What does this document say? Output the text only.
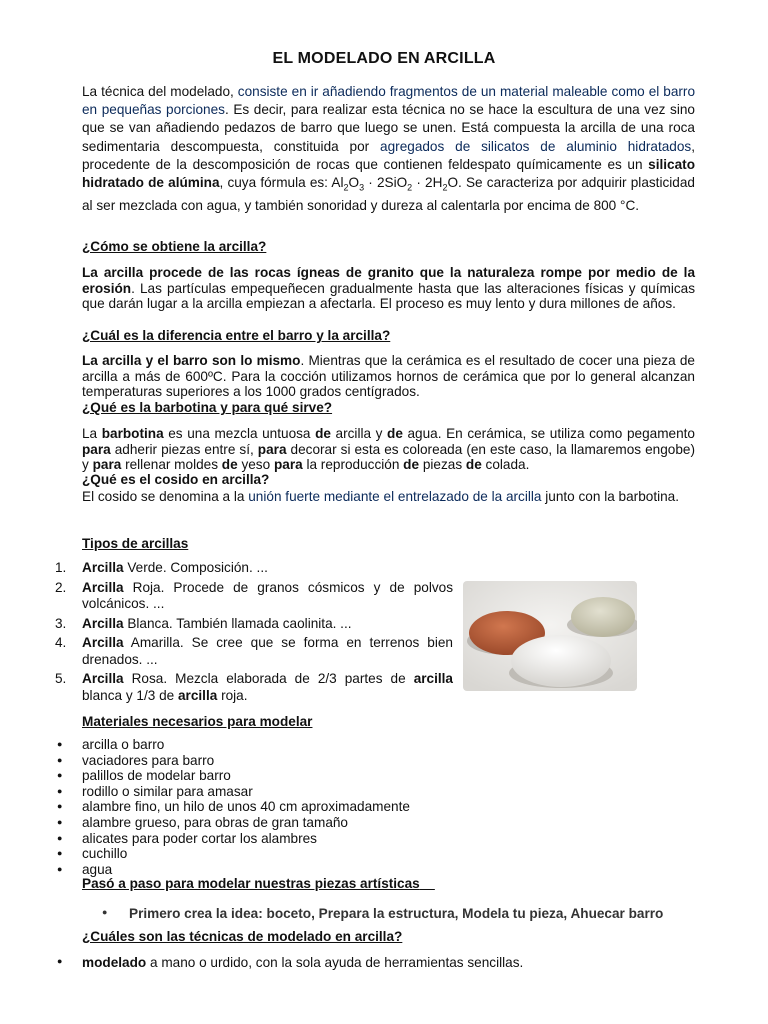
EL MODELADO EN ARCILLA

La técnica del modelado, consiste en ir añadiendo fragmentos de un material maleable como el barro en pequeñas porciones. Es decir, para realizar esta técnica no se hace la escultura de una vez sino que se van añadiendo pedazos de barro que luego se unen. Está compuesta la arcilla de una roca sedimentaria descompuesta, constituida por agregados de silicatos de aluminio hidratados, procedente de la descomposición de rocas que contienen feldespato químicamente es un silicato hidratado de alúmina, cuya fórmula es: $Al_2O_3 \cdot 2SiO_2 \cdot 2H_2O$. Se caracteriza por adquirir plasticidad al ser mezclada con agua, y también sonoridad y dureza al calentarla por encima de 800 °C.

¿Cómo se obtiene la arcilla?

La arcilla procede de las rocas ígneas de granito que la naturaleza rompe por medio de la erosión. Las partículas empequeñecen gradualmente hasta que las alteraciones físicas y químicas que darán lugar a la arcilla empiezan a afectarla. El proceso es muy lento y dura millones de años.

¿Cuál es la diferencia entre el barro y la arcilla?

La arcilla y el barro son lo mismo. Mientras que la cerámica es el resultado de cocer una pieza de arcilla a más de 600ºC. Para la cocción utilizamos hornos de cerámica que por lo general alcanzan temperaturas superiores a los 1000 grados centígrados.

¿Qué es la barbotina y para qué sirve?

La barbotina es una mezcla untuosa de arcilla y de agua. En cerámica, se utiliza como pegamento para adherir piezas entre sí, para decorar si esta es coloreada (en este caso, la llamaremos engobe) y para rellenar moldes de yeso para la reproducción de piezas de colada.

¿Qué es el cosido en arcilla?

El cosido se denomina a la unión fuerte mediante el entrelazado de la arcilla junto con la barbotina.

Tipos de arcillas
1. Arcilla Verde. Composición. ...
2. Arcilla Roja. Procede de granos cósmicos y de polvos volcánicos. ...
3. Arcilla Blanca. También llamada caolinita. ...
4. Arcilla Amarilla. Se cree que se forma en terrenos bien drenados. ...
5. Arcilla Rosa. Mezcla elaborada de 2/3 partes de arcilla blanca y 1/3 de arcilla roja.
Materiales necesarios para modelar
● arcilla o barro
● vaciadores para barro
● palillos de modelar barro
● rodillo o similar para amasar
● alambre fino, un hilo de unos 40 cm aproximadamente
● alambre grueso, para obras de gran tamaño
● alicates para poder cortar los alambres
● cuchillo
● agua
Pasó a paso para modelar nuestras piezas artísticas
● Primero crea la idea: boceto, Prepara la estructura, Modela tu pieza, Ahuecar barro
¿Cuáles son las técnicas de modelado en arcilla?
● modelado a mano o urdido, con la sola ayuda de herramientas sencillas.
